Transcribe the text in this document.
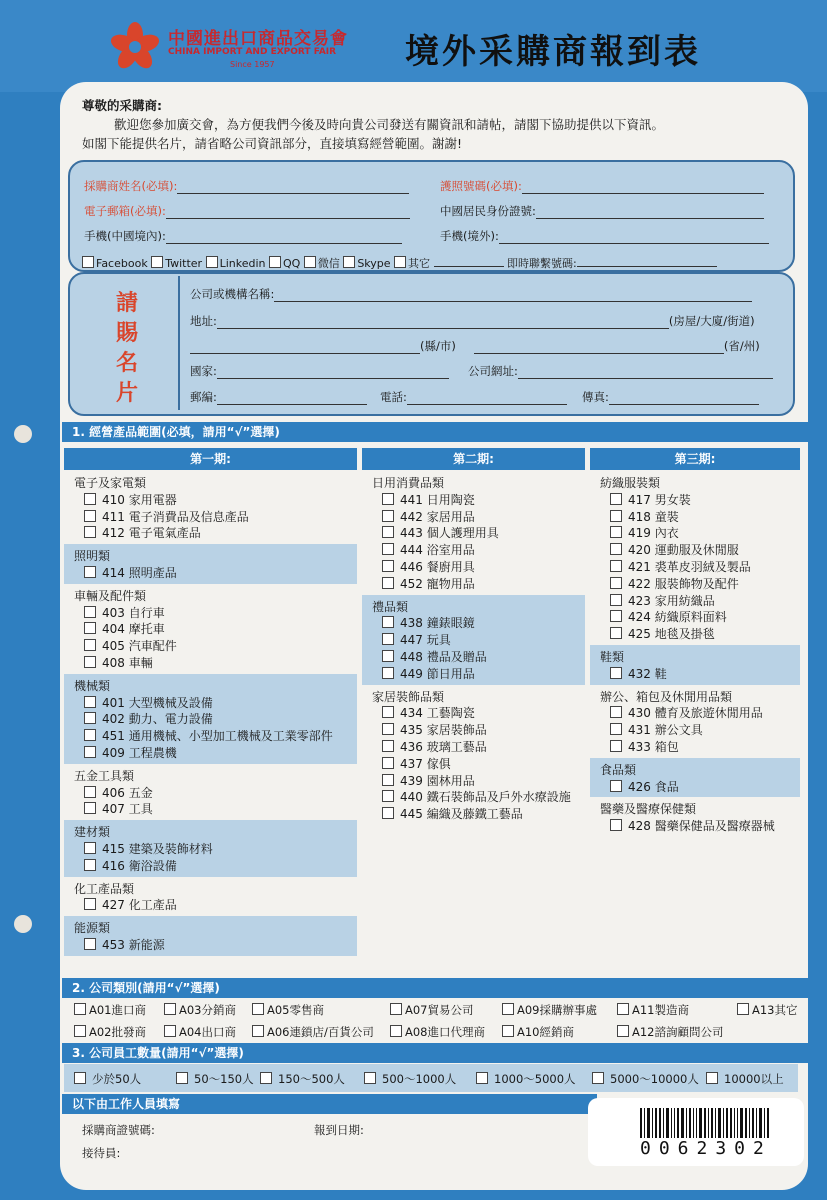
中國進出口商品交易會
CHINA IMPORT AND EXPORT FAIR
Since 1957	境外采購商報到表

尊敬的采購商:

歡迎您參加廣交會，為方便我們今後及時向貴公司發送有關資訊和請帖，請閣下協助提供以下資訊。

如閣下能提供名片，請省略公司資訊部分，直接填寫經營範圍。謝謝!

採購商姓名(必填):	護照號碼(必填):
電子郵箱(必填):	中國居民身份證號:
手機(中國境內):	手機(境外):
Facebook Twitter Linkedin QQ 微信 Skype 其它	即時聯繫號碼:
請
賜
名
片
公司或機構名稱:
地址:	(房屋/大廈/街道)
(縣/市)	(省/州)
國家:	公司網址:
郵編:	電話:	傳真:
1. 經營產品範圍(必填，請用“√”選擇)
第一期:
電子及家電類
410 家用電器
411 電子消費品及信息產品
412 電子電氣產品
照明類
414 照明產品
車輛及配件類
403 自行車
404 摩托車
405 汽車配件
408 車輛
機械類
401 大型機械及設備
402 動力、電力設備
451 通用機械、小型加工機械及工業零部件
409 工程農機
五金工具類
406 五金
407 工具
建材類
415 建築及裝飾材料
416 衛浴設備
化工產品類
427 化工產品
能源類
453 新能源
第二期:
日用消費品類
441 日用陶瓷
442 家居用品
443 個人護理用具
444 浴室用品
446 餐廚用具
452 寵物用品
禮品類
438 鐘錶眼鏡
447 玩具
448 禮品及贈品
449 節日用品
家居裝飾品類
434 工藝陶瓷
435 家居裝飾品
436 玻璃工藝品
437 傢俱
439 園林用品
440 鐵石裝飾品及戶外水療設施
445 編織及藤鐵工藝品
第三期:
紡織服裝類
417 男女裝
418 童裝
419 內衣
420 運動服及休閒服
421 裘革皮羽絨及製品
422 服裝飾物及配件
423 家用紡織品
424 紡織原料面料
425 地毯及掛毯
鞋類
432 鞋
辦公、箱包及休閒用品類
430 體育及旅遊休閒用品
431 辦公文具
433 箱包
食品類
426 食品
醫藥及醫療保健類
428 醫藥保健品及醫療器械
2. 公司類別(請用“√”選擇)
A01進口商	A03分銷商	A05零售商	A07貿易公司	A09採購辦事處	A11製造商	A13其它
A02批發商	A04出口商	A06連鎖店/百貨公司	A08進口代理商	A10經銷商	A12諮詢顧問公司
3. 公司員工數量(請用“√”選擇)
少於50人	50～150人	150～500人	500～1000人	1000～5000人	5000～10000人	10000以上
以下由工作人員填寫
採購商證號碼:	報到日期:
接待員:	0062302
